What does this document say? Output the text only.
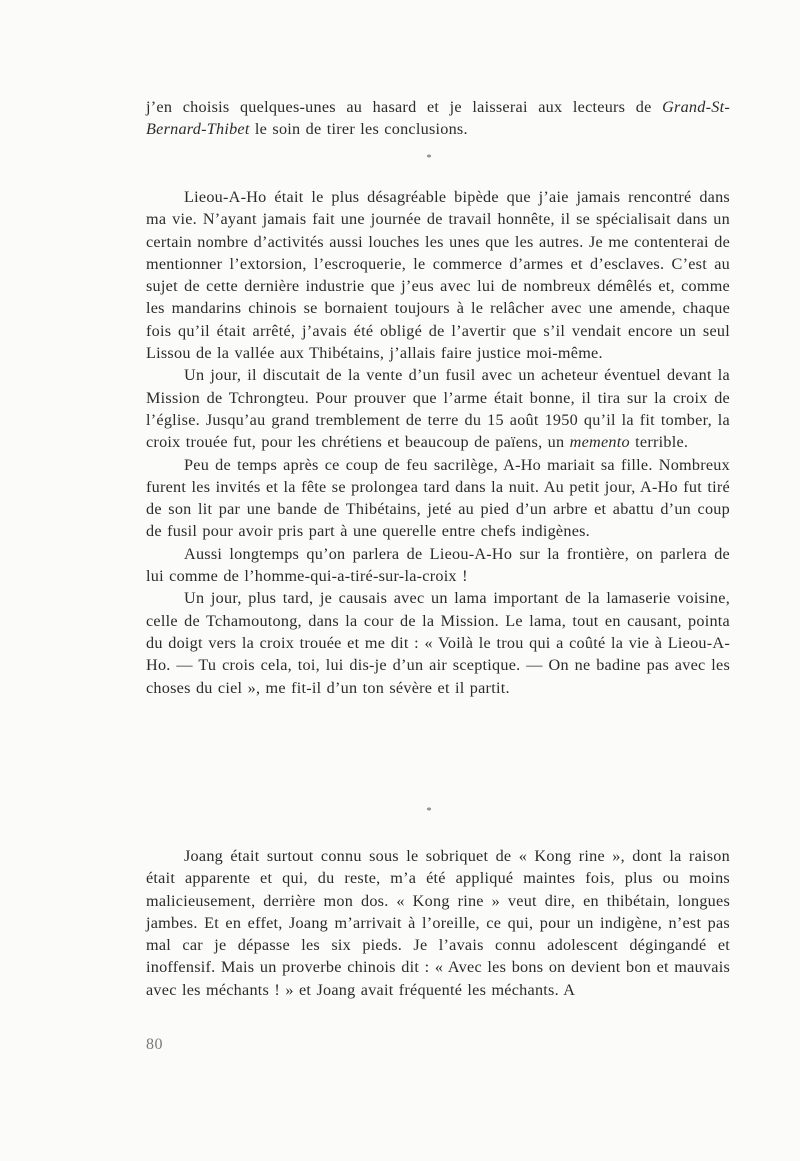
j’en choisis quelques-unes au hasard et je laisserai aux lecteurs de Grand-St-Bernard-Thibet le soin de tirer les conclusions.

*

Lieou-A-Ho était le plus désagréable bipède que j’aie jamais rencontré dans ma vie. N’ayant jamais fait une journée de travail honnête, il se spécialisait dans un certain nombre d’activités aussi louches les unes que les autres. Je me contenterai de mentionner l’extorsion, l’escroquerie, le commerce d’armes et d’esclaves. C’est au sujet de cette dernière industrie que j’eus avec lui de nombreux démêlés et, comme les mandarins chinois se bornaient toujours à le relâcher avec une amende, chaque fois qu’il était arrêté, j’avais été obligé de l’avertir que s’il vendait encore un seul Lissou de la vallée aux Thibétains, j’allais faire justice moi-même.

Un jour, il discutait de la vente d’un fusil avec un acheteur éventuel devant la Mission de Tchrongteu. Pour prouver que l’arme était bonne, il tira sur la croix de l’église. Jusqu’au grand tremblement de terre du 15 août 1950 qu’il la fit tomber, la croix trouée fut, pour les chrétiens et beaucoup de païens, un memento terrible.

Peu de temps après ce coup de feu sacrilège, A-Ho mariait sa fille. Nombreux furent les invités et la fête se prolongea tard dans la nuit. Au petit jour, A-Ho fut tiré de son lit par une bande de Thibétains, jeté au pied d’un arbre et abattu d’un coup de fusil pour avoir pris part à une querelle entre chefs indigènes.

Aussi longtemps qu’on parlera de Lieou-A-Ho sur la frontière, on parlera de lui comme de l’homme-qui-a-tiré-sur-la-croix !

Un jour, plus tard, je causais avec un lama important de la lamaserie voisine, celle de Tchamoutong, dans la cour de la Mission. Le lama, tout en causant, pointa du doigt vers la croix trouée et me dit : « Voilà le trou qui a coûté la vie à Lieou-A-Ho. — Tu crois cela, toi, lui dis-je d’un air sceptique. — On ne badine pas avec les choses du ciel », me fit-il d’un ton sévère et il partit.

*

Joang était surtout connu sous le sobriquet de « Kong rine », dont la raison était apparente et qui, du reste, m’a été appliqué maintes fois, plus ou moins malicieusement, derrière mon dos. « Kong rine » veut dire, en thibétain, longues jambes. Et en effet, Joang m’arrivait à l’oreille, ce qui, pour un indigène, n’est pas mal car je dépasse les six pieds. Je l’avais connu adolescent dégingandé et inoffensif. Mais un proverbe chinois dit : « Avec les bons on devient bon et mauvais avec les méchants ! » et Joang avait fréquenté les méchants. A

80
